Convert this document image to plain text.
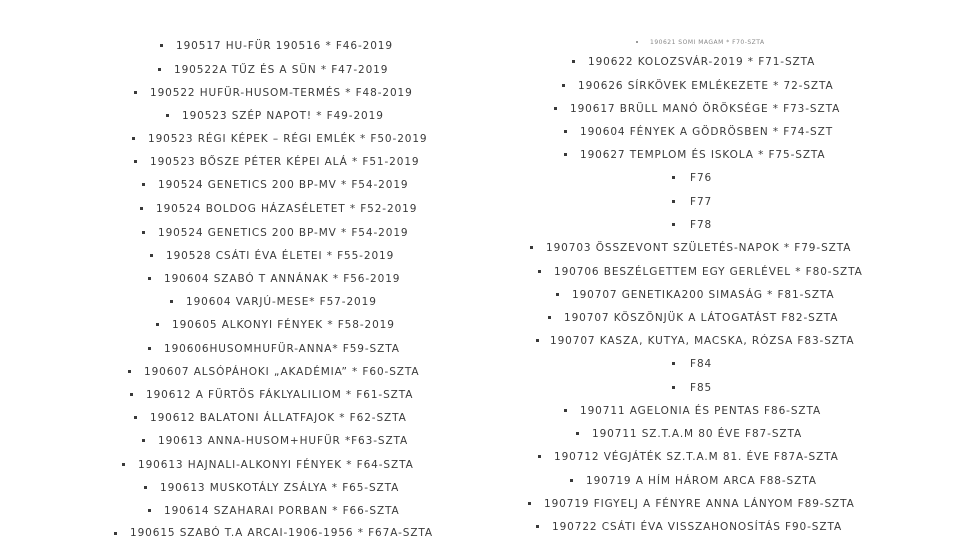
190517 HU-FÜR 190516 * F46-2019
190522A TŰZ ÉS A SÜN * F47-2019
190522 HUFÜR-HUSOM-TERMÉS * F48-2019
190523 SZÉP NAPOT! * F49-2019
190523 RÉGI KÉPEK – RÉGI EMLÉK * F50-2019
190523 BŐSZE PÉTER KÉPEI ALÁ * F51-2019
190524 GENETICS 200 BP-MV * F54-2019
190524 BOLDOG HÁZASÉLETET * F52-2019
190524 GENETICS 200 BP-MV * F54-2019
190528 CSÁTI ÉVA ÉLETEI * F55-2019
190604 SZABÓ T ANNÁNAK * F56-2019
190604 VARJÚ-MESE* F57-2019
190605 ALKONYI FÉNYEK * F58-2019
190606HUSOMHUFÜR-ANNA* F59-SZTA
190607 ALSÓPÁHOKI „AKADÉMIA” * F60-SZTA
190612 A FÜRTÖS FÁKLYALILIOM * F61-SZTA
190612 BALATONI ÁLLATFAJOK * F62-SZTA
190613 ANNA-HUSOM+HUFÜR *F63-SZTA
190613 HAJNALI-ALKONYI FÉNYEK * F64-SZTA
190613 MUSKOTÁLY ZSÁLYA * F65-SZTA
190614 SZAHARAI PORBAN * F66-SZTA
190615 SZABÓ T.A ARCAI-1906-1956 * F67A-SZTA
190621 SOMI MAGAM * F70-SZTA
190622 KOLOZSVÁR-2019 * F71-SZTA
190626 SÍRKÖVEK EMLÉKEZETE * 72-SZTA
190617 BRÜLL MANÓ ÖRÖKSÉGE * F73-SZTA
190604 FÉNYEK A GÖDRÖSBEN * F74-SZT
190627 TEMPLOM ÉS ISKOLA * F75-SZTA
F76
F77
F78
190703 ÖSSZEVONT SZÜLETÉS-NAPOK * F79-SZTA
190706 BESZÉLGETTEM EGY GERLÉVEL * F80-SZTA
190707 GENETIKA200 SIMASÁG * F81-SZTA
190707 KÖSZÖNJÜK A LÁTOGATÁST F82-SZTA
190707 KASZA, KUTYA, MACSKA, RÓZSA F83-SZTA
F84
F85
190711 AGELONIA ÉS PENTAS F86-SZTA
190711 SZ.T.A.M 80 ÉVE F87-SZTA
190712 VÉGJÁTÉK SZ.T.A.M 81. ÉVE F87A-SZTA
190719 A HÍM HÁROM ARCA F88-SZTA
190719 FIGYELJ A FÉNYRE ANNA LÁNYOM F89-SZTA
190722 CSÁTI ÉVA VISSZAHONOSÍTÁS F90-SZTA
